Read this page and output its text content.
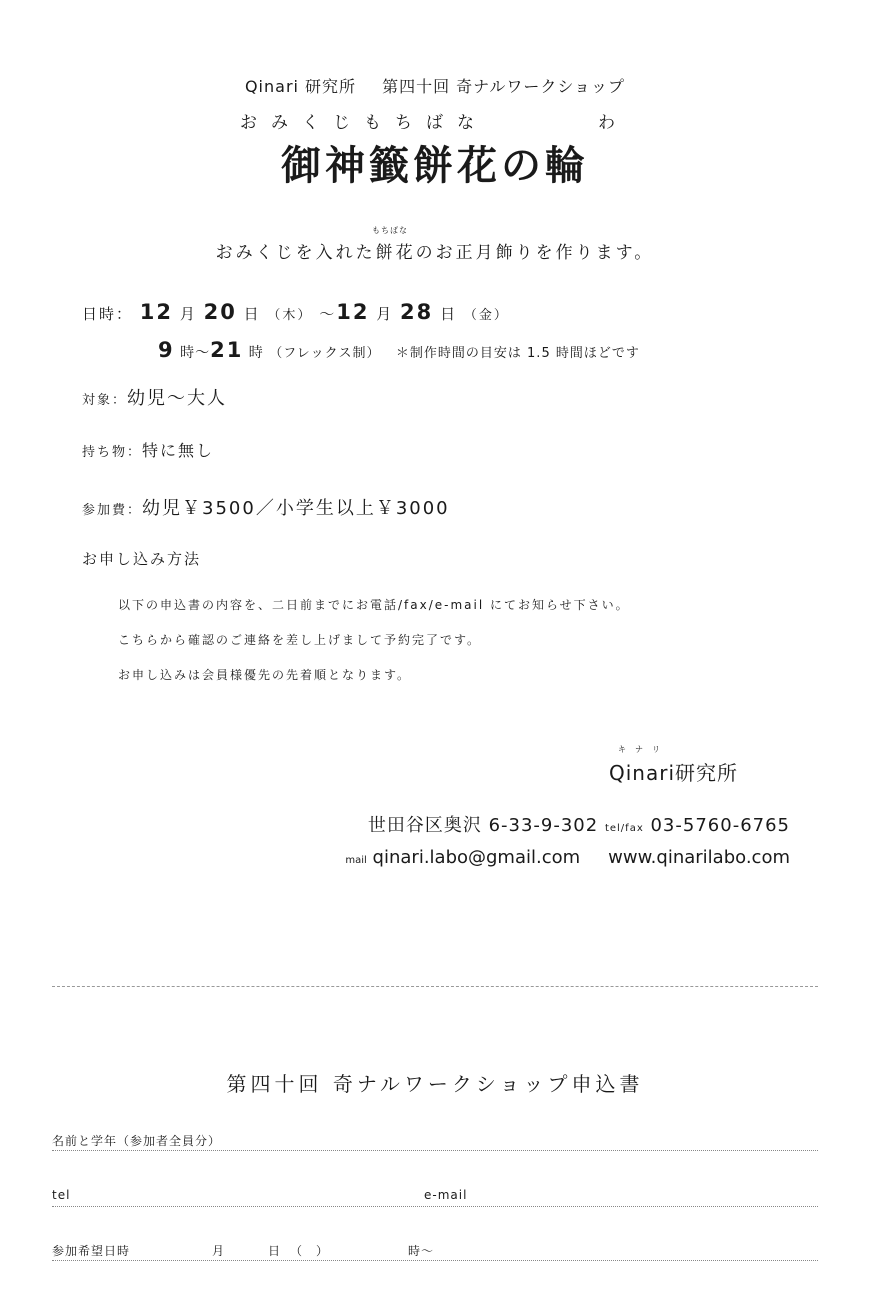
Qinari 研究所 第四十回 奇ナルワークショップ
おみくじもちばな	わ
御神籤餅花の輪
もちばな
おみくじを入れた餅花のお正月飾りを作ります。
日時： 12 月 20 日 （木） ～12 月 28 日 （金）
9 時～21 時 （フレックス制） ＊制作時間の目安は 1.5 時間ほどです
対象：幼児～大人
持ち物：特に無し
参加費：幼児￥3500／小学生以上￥3000
お申し込み方法
以下の申込書の内容を、二日前までにお電話/fax/e-mail にてお知らせ下さい。
こちらから確認のご連絡を差し上げまして予約完了です。
お申し込みは会員様優先の先着順となります。
キナリ
Qinari研究所
世田谷区奥沢 6-33-9-302 tel/fax 03-5760-6765
mail qinari.labo@gmail.com www.qinarilabo.com
第四十回 奇ナルワークショップ申込書
名前と学年（参加者全員分）
tel	e-mail
参加希望日時	月	日 （　）	時～
